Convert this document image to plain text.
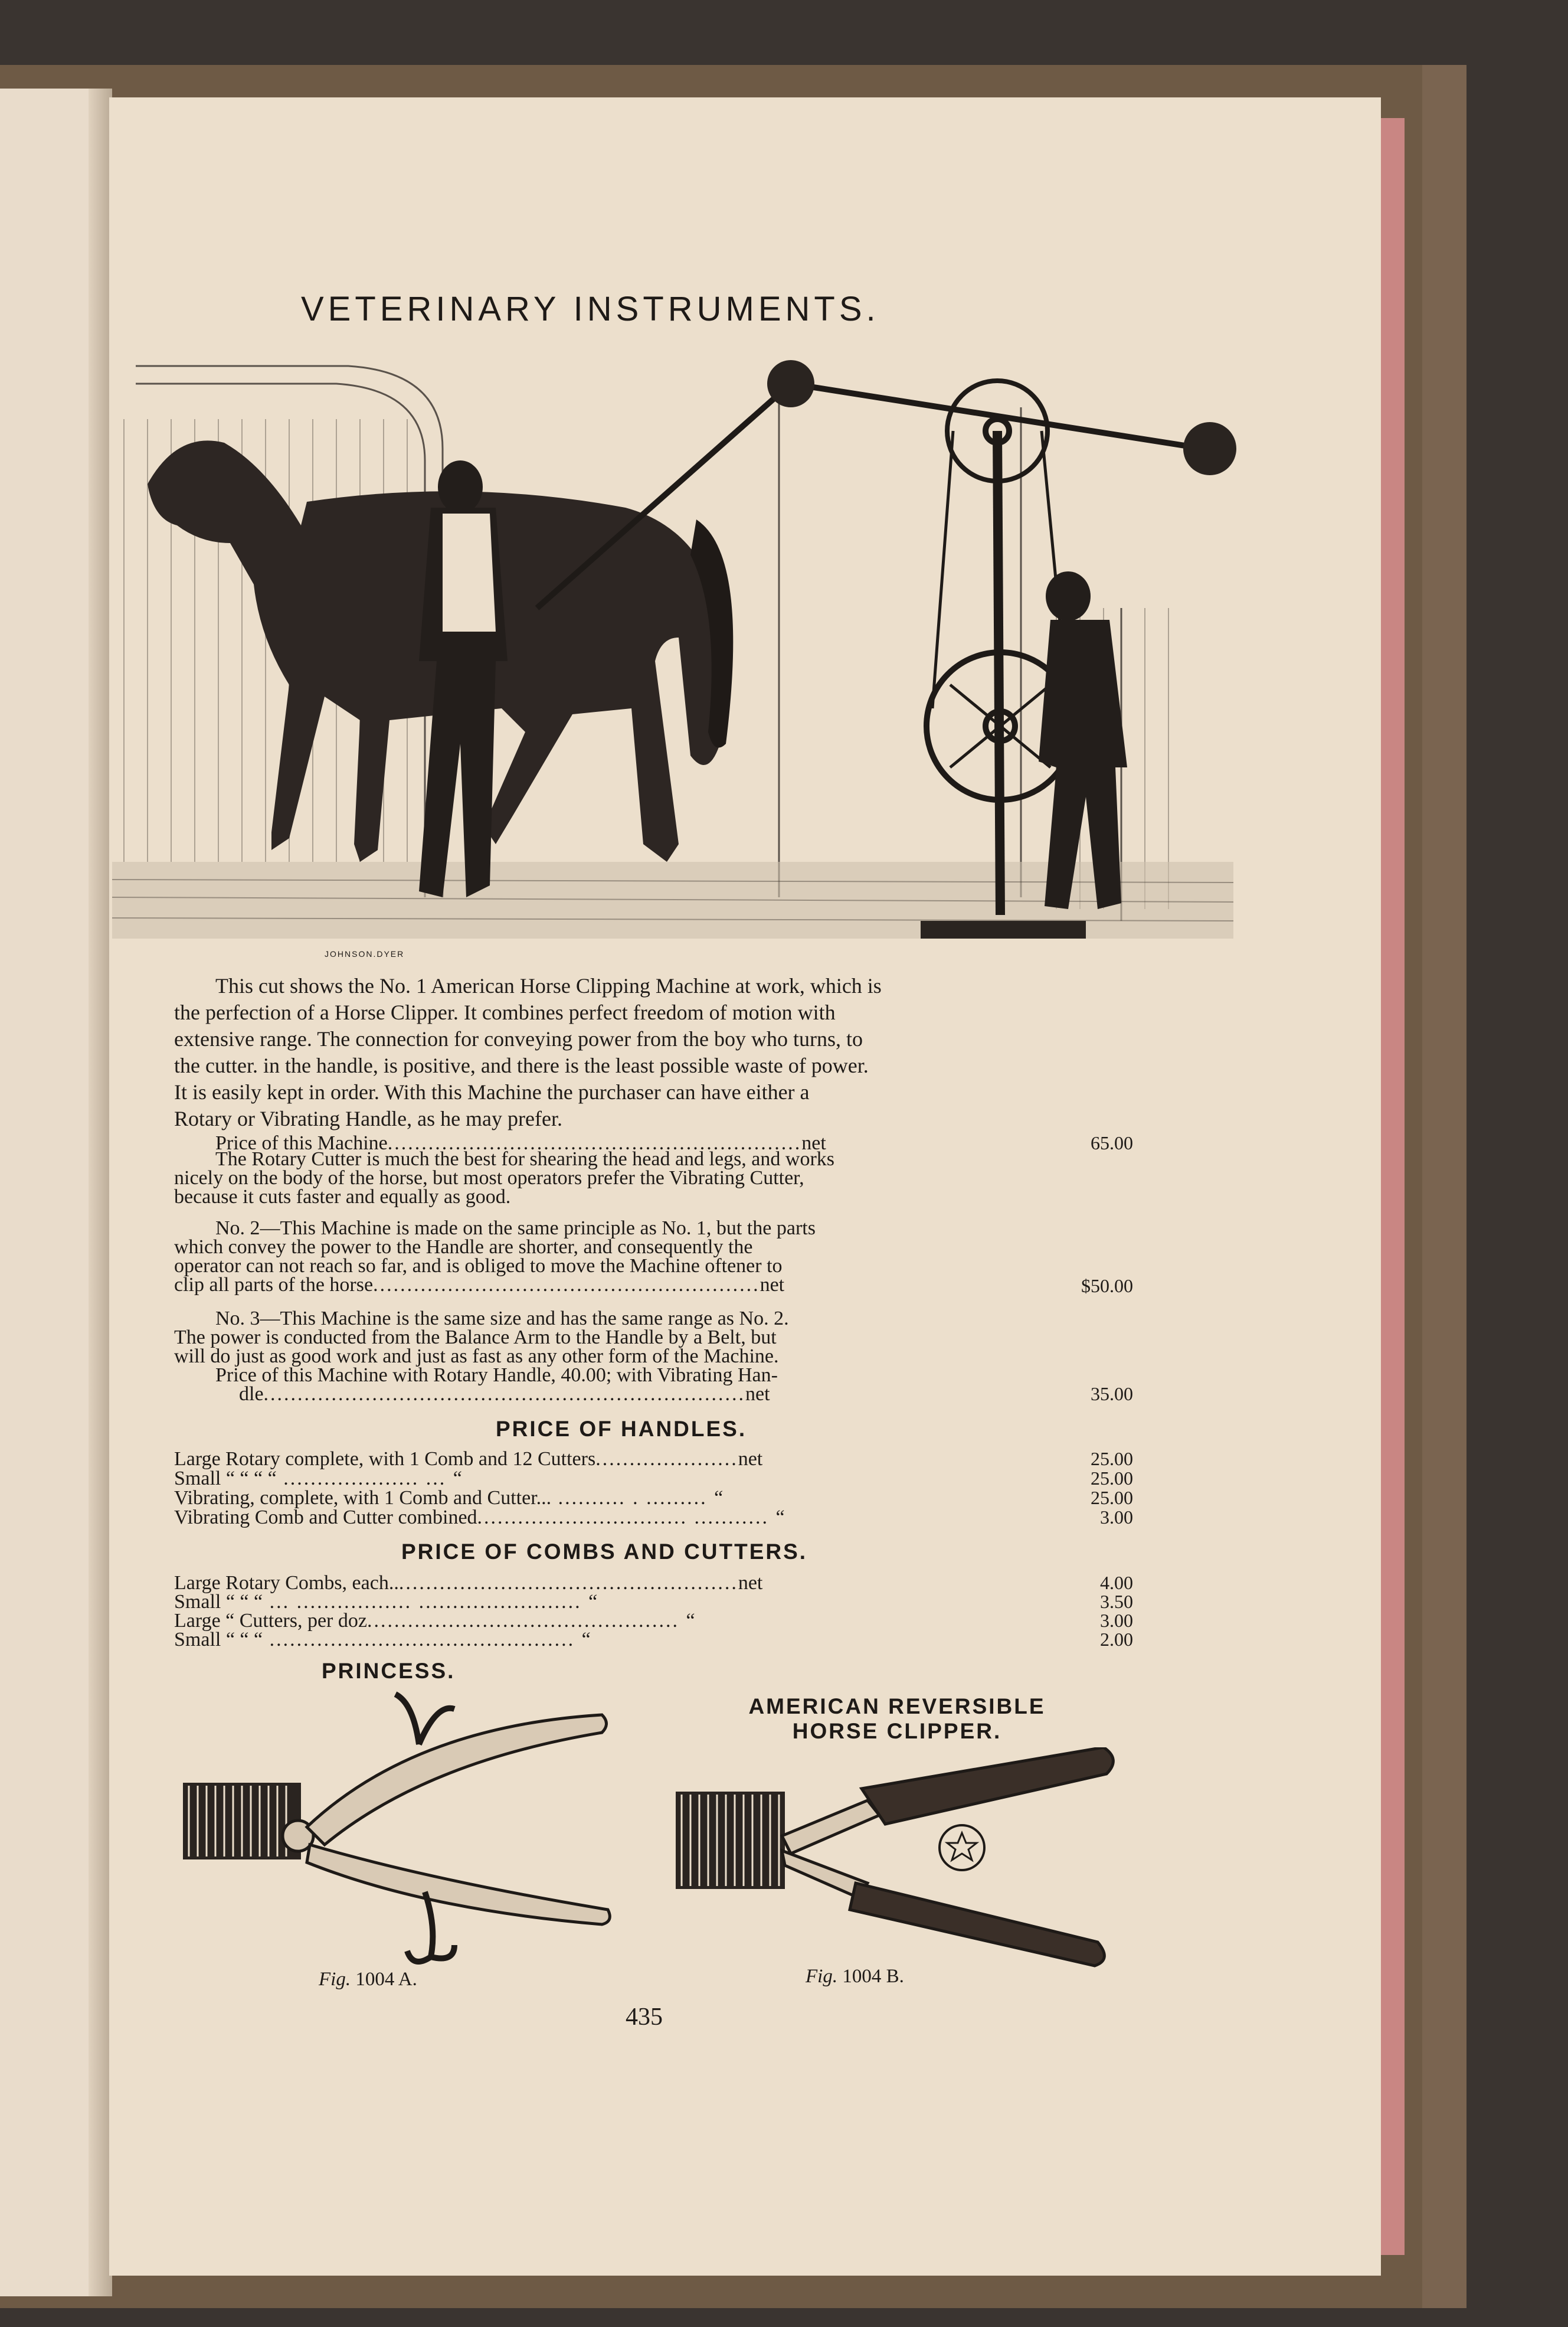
VETERINARY INSTRUMENTS.
JOHNSON.DYER
This cut shows the No. 1 American Horse Clipping Machine at work, which is
the perfection of a Horse Clipper. It combines perfect freedom of motion with
extensive range. The connection for conveying power from the boy who turns, to
the cutter. in the handle, is positive, and there is the least possible waste of power.
It is easily kept in order. With this Machine the purchaser can have either a
Rotary or Vibrating Handle, as he may prefer.
Price of this Machine.............................................................net	65.00
The Rotary Cutter is much the best for shearing the head and legs, and works
nicely on the body of the horse, but most operators prefer the Vibrating Cutter,
because it cuts faster and equally as good.
No. 2—This Machine is made on the same principle as No. 1, but the parts
which convey the power to the Handle are shorter, and consequently the
operator can not reach so far, and is obliged to move the Machine oftener to
clip all parts of the horse.........................................................net	$50.00
No. 3—This Machine is the same size and has the same range as No. 2.
The power is conducted from the Balance Arm to the Handle by a Belt, but
will do just as good work and just as fast as any other form of the Machine.
Price of this Machine with Rotary Handle, 40.00; with Vibrating Han-
dle.......................................................................net	35.00
PRICE OF HANDLES.
Large Rotary complete, with 1 Comb and 12 Cutters.....................net	25.00
Small “ “ “ “ .................... ... “	25.00
Vibrating, complete, with 1 Comb and Cutter... .......... . ......... “	25.00
Vibrating Comb and Cutter combined............................... ........... “	3.00
PRICE OF COMBS AND CUTTERS.
Large Rotary Combs, each....................................................net	4.00
Small “ “ “ ... ................. ........................ “	3.50
Large “ Cutters, per doz.............................................. “	3.00
Small “ “ “ ............................................. “	2.00
PRINCESS.
Fig. 1004 A.
AMERICAN REVERSIBLE
HORSE CLIPPER.
Fig. 1004 B.
435
